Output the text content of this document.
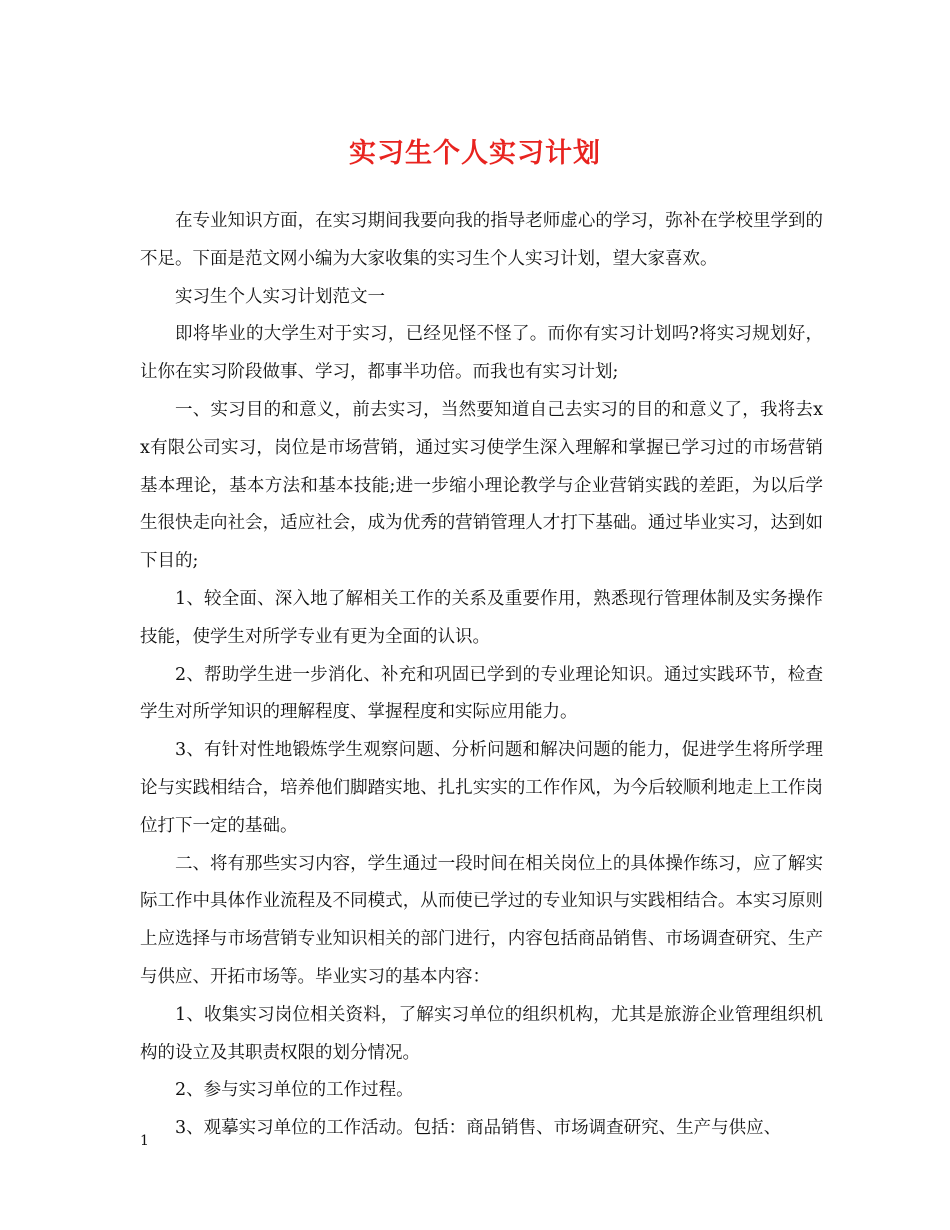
实习生个人实习计划

在专业知识方面，在实习期间我要向我的指导老师虚心的学习，弥补在学校里学到的不足。下面是范文网小编为大家收集的实习生个人实习计划，望大家喜欢。

实习生个人实习计划范文一

即将毕业的大学生对于实习，已经见怪不怪了。而你有实习计划吗?将实习规划好，让你在实习阶段做事、学习，都事半功倍。而我也有实习计划;

一、实习目的和意义，前去实习，当然要知道自己去实习的目的和意义了，我将去xx有限公司实习，岗位是市场营销，通过实习使学生深入理解和掌握已学习过的市场营销基本理论，基本方法和基本技能;进一步缩小理论教学与企业营销实践的差距，为以后学生很快走向社会，适应社会，成为优秀的营销管理人才打下基础。通过毕业实习，达到如下目的;

1、较全面、深入地了解相关工作的关系及重要作用，熟悉现行管理体制及实务操作技能，使学生对所学专业有更为全面的认识。

2、帮助学生进一步消化、补充和巩固已学到的专业理论知识。通过实践环节，检查学生对所学知识的理解程度、掌握程度和实际应用能力。

3、有针对性地锻炼学生观察问题、分析问题和解决问题的能力，促进学生将所学理论与实践相结合，培养他们脚踏实地、扎扎实实的工作作风，为今后较顺利地走上工作岗位打下一定的基础。

二、将有那些实习内容，学生通过一段时间在相关岗位上的具体操作练习，应了解实际工作中具体作业流程及不同模式，从而使已学过的专业知识与实践相结合。本实习原则上应选择与市场营销专业知识相关的部门进行，内容包括商品销售、市场调查研究、生产与供应、开拓市场等。毕业实习的基本内容：

1、收集实习岗位相关资料，了解实习单位的组织机构，尤其是旅游企业管理组织机构的设立及其职责权限的划分情况。

2、参与实习单位的工作过程。

3、观摹实习单位的工作活动。包括：商品销售、市场调查研究、生产与供应、

1
